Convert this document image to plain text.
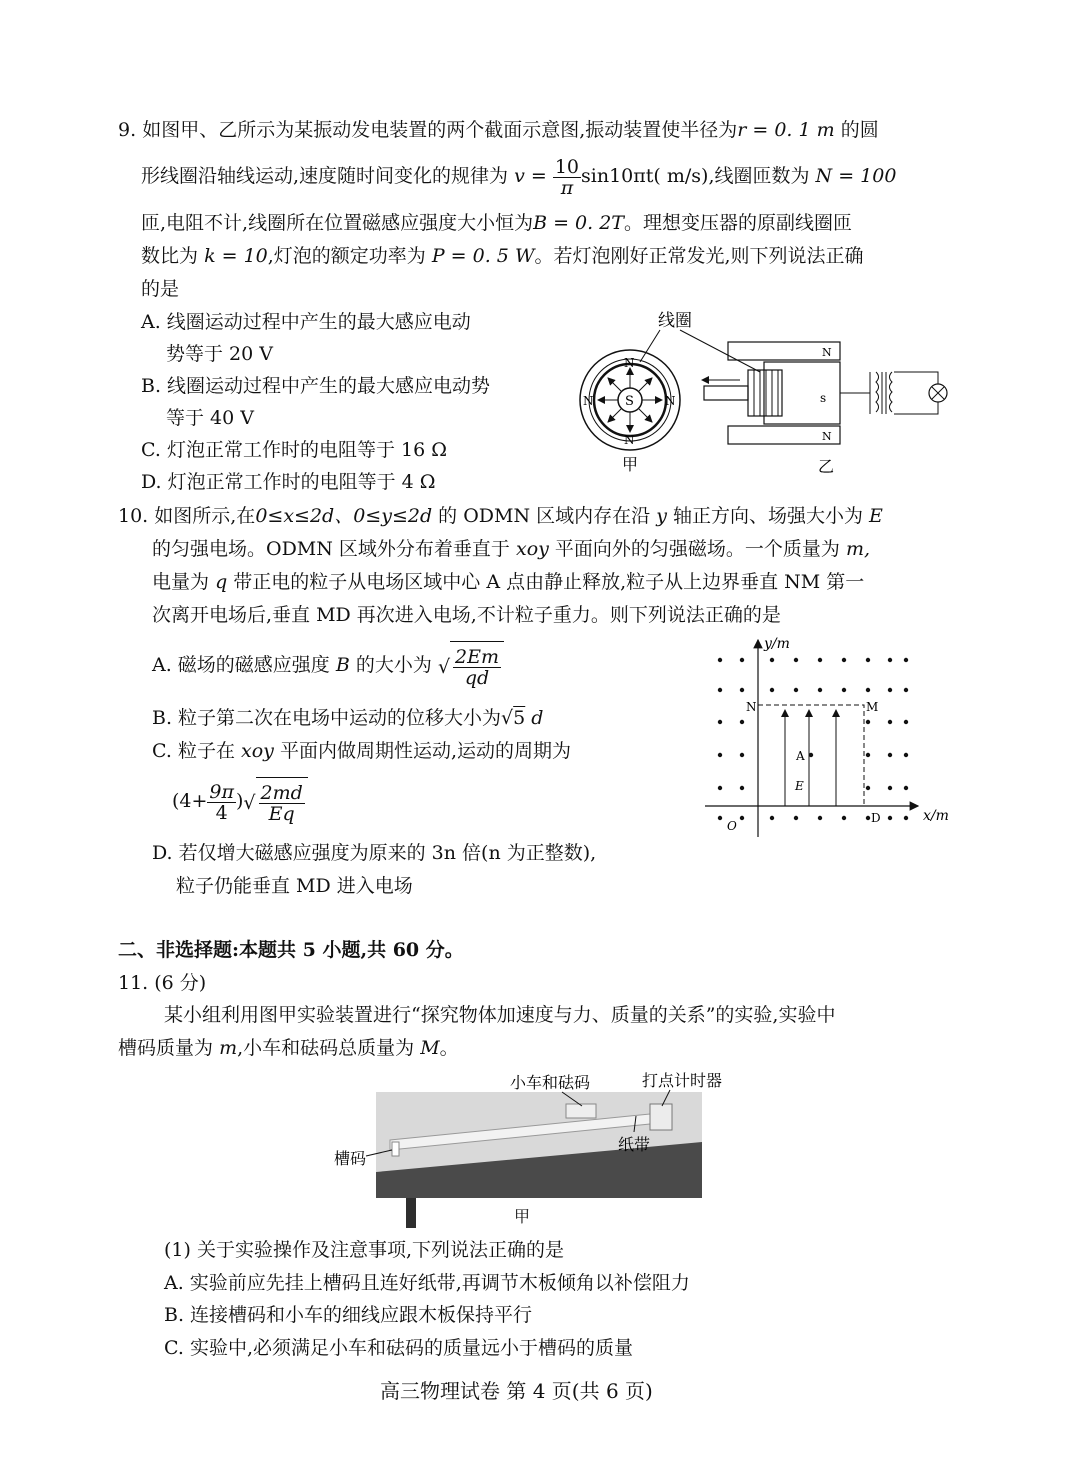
9. 如图甲、乙所示为某振动发电装置的两个截面示意图,振动装置使半径为r = 0. 1 m 的圆
形线圈沿轴线运动,速度随时间变化的规律为 $v = \frac{10}{\pi} \sin 10\pi t$( m/s),线圈匝数为 N = 100
匝,电阻不计,线圈所在位置磁感应强度大小恒为B = 0. 2T。理想变压器的原副线圈匝
数比为 k = 10,灯泡的额定功率为 P = 0. 5 W。若灯泡刚好正常发光,则下列说法正确
的是
A. 线圈运动过程中产生的最大感应电动
势等于 20 V
B. 线圈运动过程中产生的最大感应电动势
等于 40 V
C. 灯泡正常工作时的电阻等于 16 Ω
D. 灯泡正常工作时的电阻等于 4 Ω
线圈
S
N
N
N	N
甲
N
N
s
乙
10. 如图所示,在0≤x≤2d、0≤y≤2d 的 ODMN 区域内存在沿 y 轴正方向、场强大小为 E
的匀强电场。ODMN 区域外分布着垂直于 xoy 平面向外的匀强磁场。一个质量为 m,
电量为 q 带正电的粒子从电场区域中心 A 点由静止释放,粒子从上边界垂直 NM 第一
次离开电场后,垂直 MD 再次进入电场,不计粒子重力。则下列说法正确的是
A. 磁场的磁感应强度 B 的大小为 √ $\frac{2Em}{qd}$
B. 粒子第二次在电场中运动的位移大小为√5 d
C. 粒子在 xoy 平面内做周期性运动,运动的周期为
($4+ \frac{9\pi}{4}$ )√ $\frac{2md}{Eq}$
D. 若仅增大磁感应强度为原来的 3n 倍(n 为正整数),
粒子仍能垂直 MD 进入电场
y/m
x/m
N	M
A
E
O
D
二、非选择题:本题共 5 小题,共 60 分。
11. (6 分)
某小组利用图甲实验装置进行“探究物体加速度与力、质量的关系”的实验,实验中
槽码质量为 m,小车和砝码总质量为 M。
小车和砝码	打点计时器
纸带
槽码
甲
(1) 关于实验操作及注意事项,下列说法正确的是
A. 实验前应先挂上槽码且连好纸带,再调节木板倾角以补偿阻力
B. 连接槽码和小车的细线应跟木板保持平行
C. 实验中,必须满足小车和砝码的质量远小于槽码的质量
高三物理试卷 第 4 页(共 6 页)
